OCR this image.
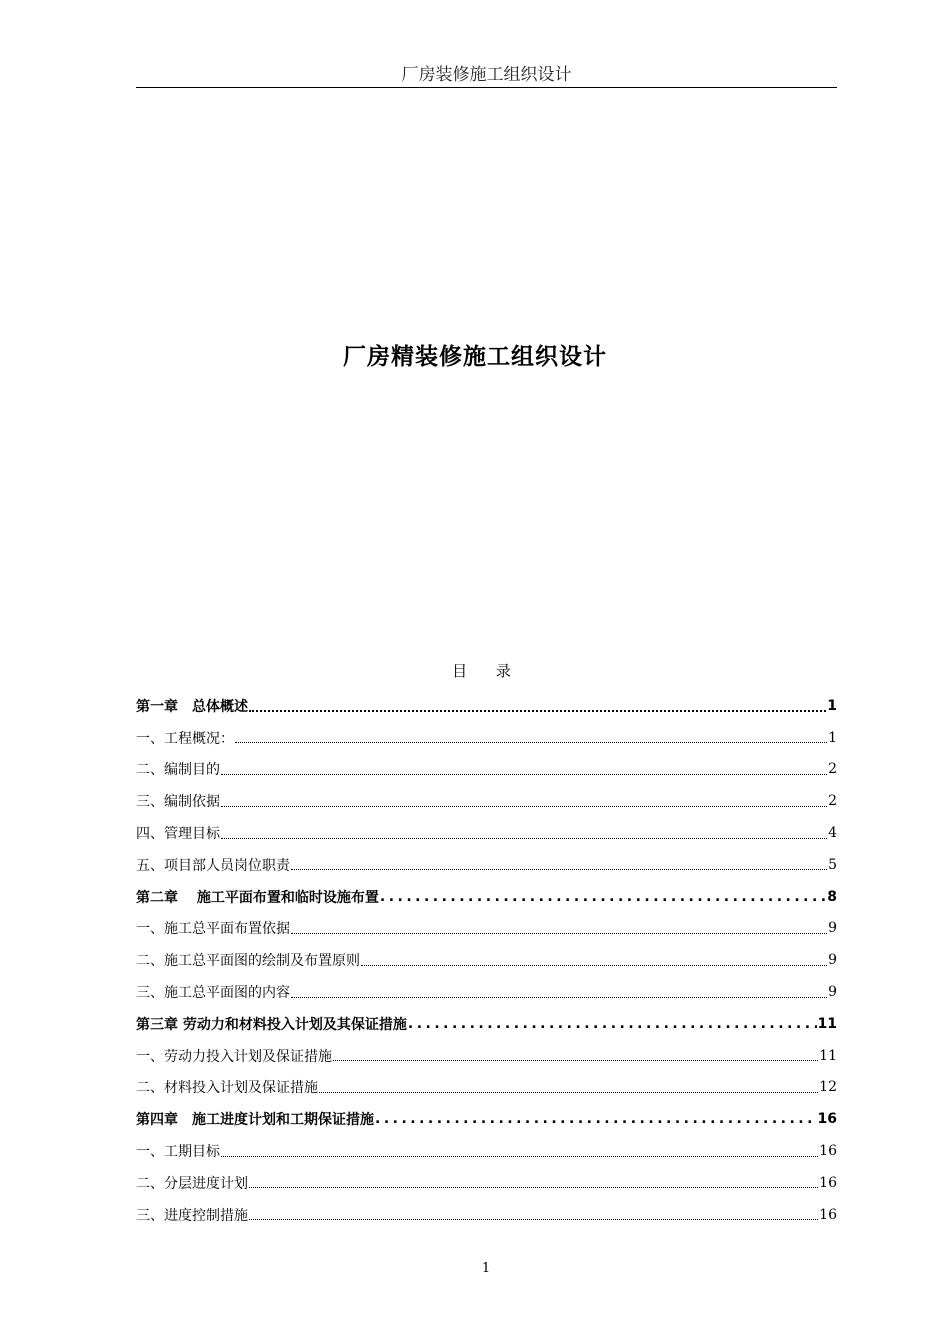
厂房装修施工组织设计
厂房精装修施工组织设计
目 录
第一章　总体概述	1
一、工程概况：	1
二、编制目的	2
三、编制依据	2
四、管理目标	4
五、项目部人员岗位职责	5
第二章　 施工平面布置和临时设施布置 .....	8
一、施工总平面布置依据	9
二、施工总平面图的绘制及布置原则	9
三、施工总平面图的内容	9
第三章 劳动力和材料投入计划及其保证措施 .....	11
一、劳动力投入计划及保证措施	11
二、材料投入计划及保证措施	12
第四章　施工进度计划和工期保证措施 .....	16
一、工期目标	16
二、分层进度计划	16
三、进度控制措施	16
1
